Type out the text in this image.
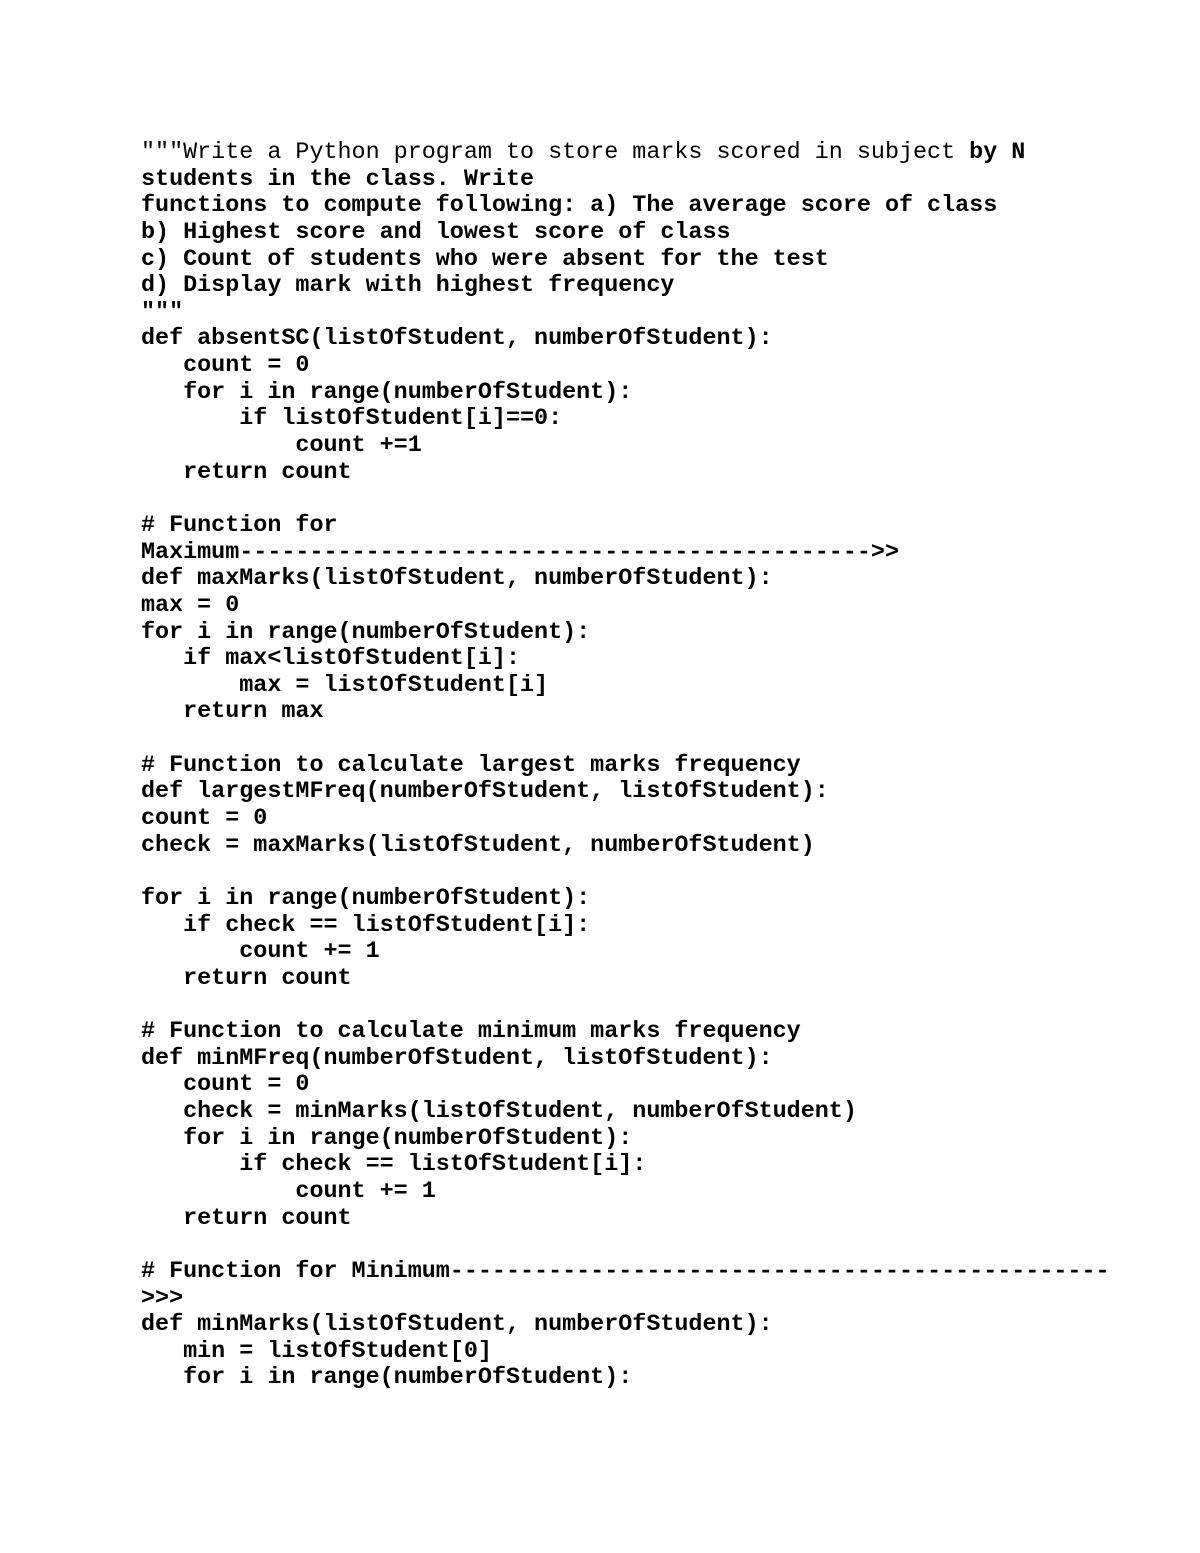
"""Write a Python program to store marks scored in subject by N
students in the class. Write
functions to compute following: a) The average score of class
b) Highest score and lowest score of class
c) Count of students who were absent for the test
d) Display mark with highest frequency
"""
def absentSC(listOfStudent, numberOfStudent):
count = 0
for i in range(numberOfStudent):
if listOfStudent[i]==0:
count +=1
return count
# Function for
Maximum--------------------------------------------->>
def maxMarks(listOfStudent, numberOfStudent):
max = 0
for i in range(numberOfStudent):
if max<listOfStudent[i]:
max = listOfStudent[i]
return max
# Function to calculate largest marks frequency
def largestMFreq(numberOfStudent, listOfStudent):
count = 0
check = maxMarks(listOfStudent, numberOfStudent)
for i in range(numberOfStudent):
if check == listOfStudent[i]:
count += 1
return count
# Function to calculate minimum marks frequency
def minMFreq(numberOfStudent, listOfStudent):
count = 0
check = minMarks(listOfStudent, numberOfStudent)
for i in range(numberOfStudent):
if check == listOfStudent[i]:
count += 1
return count
# Function for Minimum-----------------------------------------------
>>>
def minMarks(listOfStudent, numberOfStudent):
min = listOfStudent[0]
for i in range(numberOfStudent):
